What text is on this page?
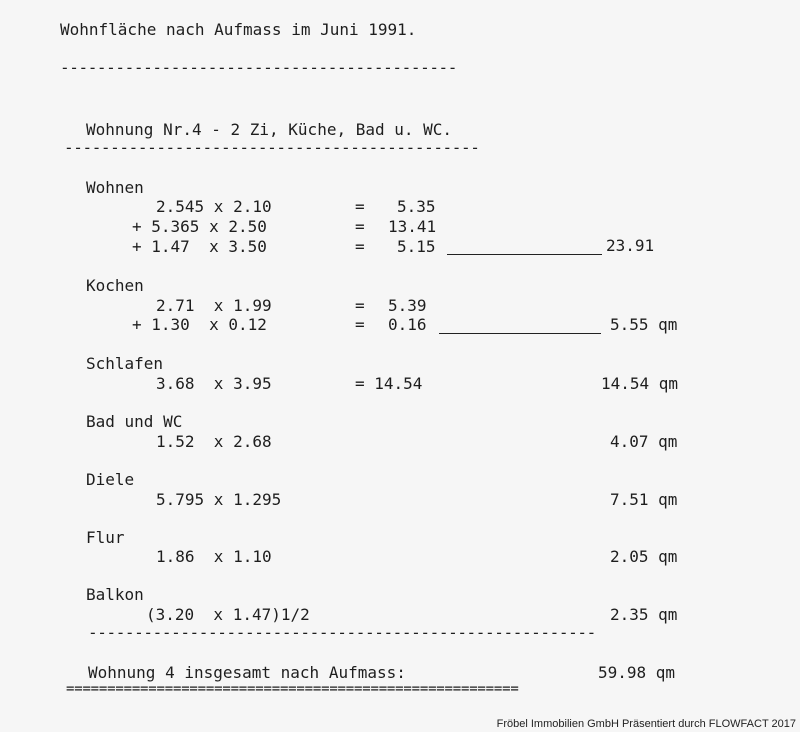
Wohnfläche nach Aufmass im Juni 1991.
-------------------------------------------
Wohnung Nr.4 - 2 Zi, Küche, Bad u. WC.
---------------------------------------------
Wohnen
2.545 x 2.10	= 5.35
+ 5.365 x 2.50	= 13.41
+ 1.47  x 3.50	= 5.15	23.91
Kochen
2.71  x 1.99	= 5.39
+ 1.30  x 0.12	= 0.16	5.55 qm
Schlafen
3.68  x 3.95	= 14.54	14.54 qm
Bad und WC
1.52  x 2.68	4.07 qm
Diele
5.795 x 1.295	7.51 qm
Flur
1.86  x 1.10	2.05 qm
Balkon
(3.20  x 1.47)1/2	2.35 qm
-------------------------------------------------------
Wohnung 4 insgesamt nach Aufmass:	59.98 qm
=======================================================
Fröbel Immobilien GmbH Präsentiert durch FLOWFACT 2017
